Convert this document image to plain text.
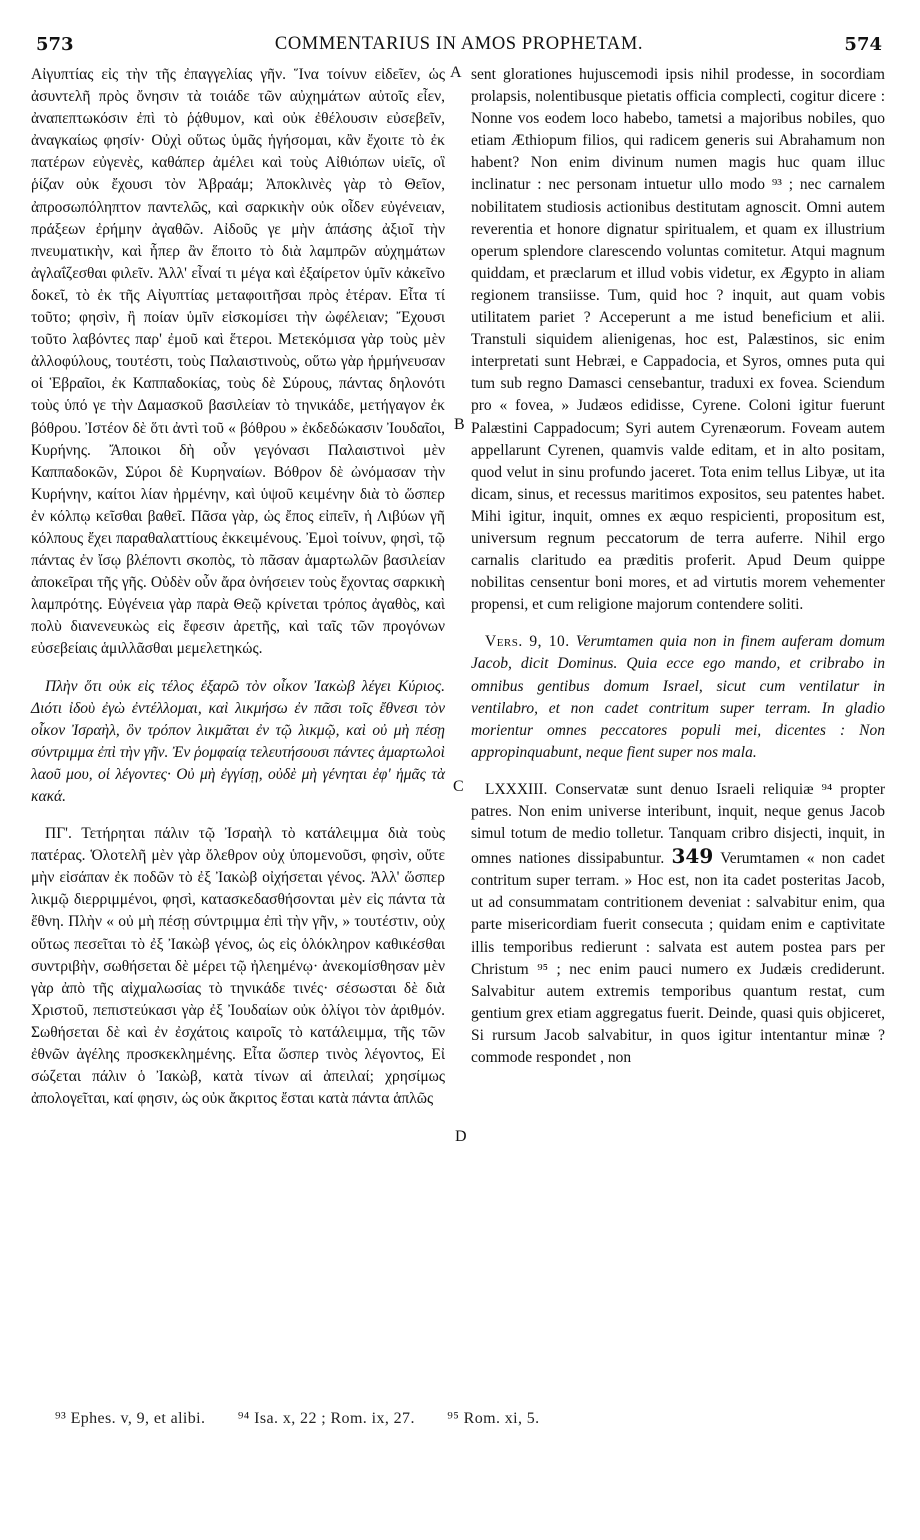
573	COMMENTARIUS IN AMOS PROPHETAM.	574

Αἰγυπτίας εἰς τὴν τῆς ἐπαγγελίας γῆν. Ἵνα τοίνυν εἰδεῖεν, ὡς ἀσυντελῆ πρὸς ὄνησιν τὰ τοιάδε τῶν αὐχημάτων αὐτοῖς εἶεν, ἀναπεπτωκόσιν ἐπὶ τὸ ῥᾴθυμον, καὶ οὐκ ἐθέλουσιν εὐσεβεῖν, ἀναγκαίως φησίν· Οὐχὶ οὕτως ὑμᾶς ἡγήσομαι, κἂν ἔχοιτε τὸ ἐκ πατέρων εὐγενὲς, καθάπερ ἀμέλει καὶ τοὺς Αἰθιόπων υἱεῖς, οἳ ῥίζαν οὐκ ἔχουσι τὸν Ἀβραάμ; Ἀποκλινὲς γὰρ τὸ Θεῖον, ἀπροσωπόληπτον παντελῶς, καὶ σαρκικὴν οὐκ οἶδεν εὐγένειαν, πράξεων ἐρήμην ἀγαθῶν. Αἰδοῦς γε μὴν ἁπάσης ἀξιοῖ τὴν πνευματικὴν, καὶ ἧπερ ἂν ἕποιτο τὸ διὰ λαμπρῶν αὐχημάτων ἀγλαΐζεσθαι φιλεῖν. Ἀλλ' εἶναί τι μέγα καὶ ἐξαίρετον ὑμῖν κἀκεῖνο δοκεῖ, τὸ ἐκ τῆς Αἰγυπτίας μεταφοιτῆσαι πρὸς ἑτέραν. Εἶτα τί τοῦτο; φησὶν, ἢ ποίαν ὑμῖν εἰσκομίσει τὴν ὠφέλειαν; Ἔχουσι τοῦτο λαβόντες παρ' ἐμοῦ καὶ ἕτεροι. Μετεκόμισα γὰρ τοὺς μὲν ἀλλοφύλους, τουτέστι, τοὺς Παλαιστινοὺς, οὕτω γὰρ ἡρμήνευσαν οἱ Ἑβραῖοι, ἐκ Καππαδοκίας, τοὺς δὲ Σύρους, πάντας δηλονότι τοὺς ὑπό γε τὴν Δαμασκοῦ βασιλείαν τὸ τηνικάδε, μετήγαγον ἐκ βόθρου. Ἰστέον δὲ ὅτι ἀντὶ τοῦ « βόθρου » ἐκδεδώκασιν Ἰουδαῖοι, Κυρήνης. Ἄποικοι δὴ οὖν γεγόνασι Παλαιστινοὶ μὲν Καππαδοκῶν, Σύροι δὲ Κυρηναίων. Βόθρον δὲ ὠνόμασαν τὴν Κυρήνην, καίτοι λίαν ἠρμένην, καὶ ὑψοῦ κειμένην διὰ τὸ ὥσπερ ἐν κόλπῳ κεῖσθαι βαθεῖ. Πᾶσα γὰρ, ὡς ἔπος εἰπεῖν, ἡ Λιβύων γῆ κόλπους ἔχει παραθαλαττίους ἐκκειμένους. Ἐμοὶ τοίνυν, φησὶ, τῷ πάντας ἐν ἴσῳ βλέποντι σκοπὸς, τὸ πᾶσαν ἁμαρτωλῶν βασιλείαν ἀποκεῖραι τῆς γῆς. Οὐδὲν οὖν ἄρα ὀνήσειεν τοὺς ἔχοντας σαρκικὴ λαμπρότης. Εὐγένεια γὰρ παρὰ Θεῷ κρίνεται τρόπος ἀγαθὸς, καὶ πολὺ διανενευκὼς εἰς ἔφεσιν ἀρετῆς, καὶ ταῖς τῶν προγόνων εὐσεβείαις ἁμιλλᾶσθαι μεμελετηκώς.

Πλὴν ὅτι οὐκ εἰς τέλος ἐξαρῶ τὸν οἶκον Ἰακὼβ λέγει Κύριος. Διότι ἰδοὺ ἐγὼ ἐντέλλομαι, καὶ λικμήσω ἐν πᾶσι τοῖς ἔθνεσι τὸν οἶκον Ἰσραὴλ, ὃν τρόπον λικμᾶται ἐν τῷ λικμῷ, καὶ οὐ μὴ πέσῃ σύντριμμα ἐπὶ τὴν γῆν. Ἐν ῥομφαίᾳ τελευτήσουσι πάντες ἁμαρτωλοὶ λαοῦ μου, οἱ λέγοντες· Οὐ μὴ ἐγγίσῃ, οὐδὲ μὴ γένηται ἐφ' ἡμᾶς τὰ κακά.

ΠΓ'. Τετήρηται πάλιν τῷ Ἰσραὴλ τὸ κατάλειμμα διὰ τοὺς πατέρας. Ὁλοτελῆ μὲν γὰρ ὄλεθρον οὐχ ὑπομενοῦσι, φησὶν, οὔτε μὴν εἰσάπαν ἐκ ποδῶν τὸ ἐξ Ἰακὼβ οἰχήσεται γένος. Ἀλλ' ὥσπερ λικμῷ διερριμμένοι, φησὶ, κατασκεδασθήσονται μὲν εἰς πάντα τὰ ἔθνη. Πλὴν « οὐ μὴ πέσῃ σύντριμμα ἐπὶ τὴν γῆν, » τουτέστιν, οὐχ οὕτως πεσεῖται τὸ ἐξ Ἰακὼβ γένος, ὡς εἰς ὁλόκληρον καθικέσθαι συντριβὴν, σωθήσεται δὲ μέρει τῷ ἠλεημένῳ· ἀνεκομίσθησαν μὲν γὰρ ἀπὸ τῆς αἰχμαλωσίας τὸ τηνικάδε τινές· σέσωσται δὲ διὰ Χριστοῦ, πεπιστεύκασι γὰρ ἐξ Ἰουδαίων οὐκ ὀλίγοι τὸν ἀριθμόν. Σωθήσεται δὲ καὶ ἐν ἐσχάτοις καιροῖς τὸ κατάλειμμα, τῆς τῶν ἐθνῶν ἀγέλης προσκεκλημένης. Εἶτα ὥσπερ τινὸς λέγοντος, Εἰ σώζεται πάλιν ὁ Ἰακὼβ, κατὰ τίνων αἱ ἀπειλαί; χρησίμως ἀπολογεῖται, καί φησιν, ὡς οὐκ ἄκριτος ἔσται κατὰ πάντα ἁπλῶς

A
B
C
D

sent glorationes hujuscemodi ipsis nihil prodesse, in socordiam prolapsis, nolentibusque pietatis officia complecti, cogitur dicere : Nonne vos eodem loco habebo, tametsi a majoribus nobiles, quo etiam Æthiopum filios, qui radicem generis sui Abrahamum non habent? Non enim divinum numen magis huc quam illuc inclinatur : nec personam intuetur ullo modo ⁹³ ; nec carnalem nobilitatem studiosis actionibus destitutam agnoscit. Omni autem reverentia et honore dignatur spiritualem, et quam ex illustrium operum splendore clarescendo voluntas comitetur. Atqui magnum quiddam, et præclarum et illud vobis videtur, ex Ægypto in aliam regionem transiisse. Tum, quid hoc ? inquit, aut quam vobis utilitatem pariet ? Acceperunt a me istud beneficium et alii. Transtuli siquidem alienigenas, hoc est, Palæstinos, sic enim interpretati sunt Hebræi, e Cappadocia, et Syros, omnes puta qui tum sub regno Damasci censebantur, traduxi ex fovea. Sciendum pro « fovea, » Judæos edidisse, Cyrene. Coloni igitur fuerunt Palæstini Cappadocum; Syri autem Cyrenæorum. Foveam autem appellarunt Cyrenen, quamvis valde editam, et in alto positam, quod velut in sinu profundo jaceret. Tota enim tellus Libyæ, ut ita dicam, sinus, et recessus maritimos expositos, seu patentes habet. Mihi igitur, inquit, omnes ex æquo respicienti, propositum est, universum regnum peccatorum de terra auferre. Nihil ergo carnalis claritudo ea præditis proferit. Apud Deum quippe nobilitas censentur boni mores, et ad virtutis morem vehementer propensi, et cum religione majorum contendere soliti.

Vers. 9, 10. Verumtamen quia non in finem auferam domum Jacob, dicit Dominus. Quia ecce ego mando, et cribrabo in omnibus gentibus domum Israel, sicut cum ventilatur in ventilabro, et non cadet contritum super terram. In gladio morientur omnes peccatores populi mei, dicentes : Non appropinquabunt, neque fient super nos mala.

LXXXIII. Conservatæ sunt denuo Israeli reliquiæ ⁹⁴ propter patres. Non enim universe interibunt, inquit, neque genus Jacob simul totum de medio tolletur. Tanquam cribro disjecti, inquit, in omnes nationes dissipabuntur. 349 Verumtamen « non cadet contritum super terram. » Hoc est, non ita cadet posteritas Jacob, ut ad consummatam contritionem deveniat : salvabitur enim, qua parte misericordiam fuerit consecuta ; quidam enim e captivitate illis temporibus redierunt : salvata est autem postea pars per Christum ⁹⁵ ; nec enim pauci numero ex Judæis crediderunt. Salvabitur autem extremis temporibus quantum restat, cum gentium grex etiam aggregatus fuerit. Deinde, quasi quis objiceret, Si rursum Jacob salvabitur, in quos igitur intentantur minæ ? commode respondet , non

⁹³ Ephes. v, 9, et alibi. ⁹⁴ Isa. x, 22 ; Rom. ix, 27. ⁹⁵ Rom. xi, 5.
